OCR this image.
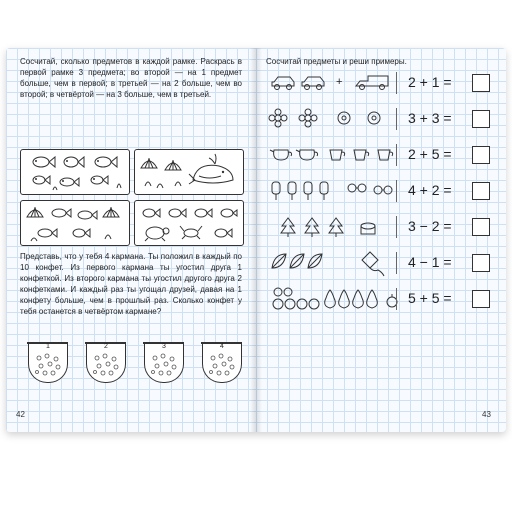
Сосчитай, сколько предметов в каждой рамке. Раскрась в первой рамке 3 предмета; во второй — на 1 предмет больше, чем в первой; в третьей — на 2 больше, чем во второй; в четвёртой — на 3 больше, чем в третьей.

Представь, что у тебя 4 кармана. Ты положил в каждый по 10 конфет. Из первого кармана ты угостил друга 1 конфеткой. Из второго кармана ты угостил другого друга 2 конфетками. И каждый раз ты угощал друзей, давая на 1 конфету больше, чем в прошлый раз. Сколько конфет у тебя останется в четвёртом кармане?

1	2	3	4
42

Сосчитай предметы и реши примеры.

+	2 + 1 =
3 + 3 =
2 + 5 =
4 + 2 =
3 − 2 =
4 − 1 =
5 + 5 =
43
